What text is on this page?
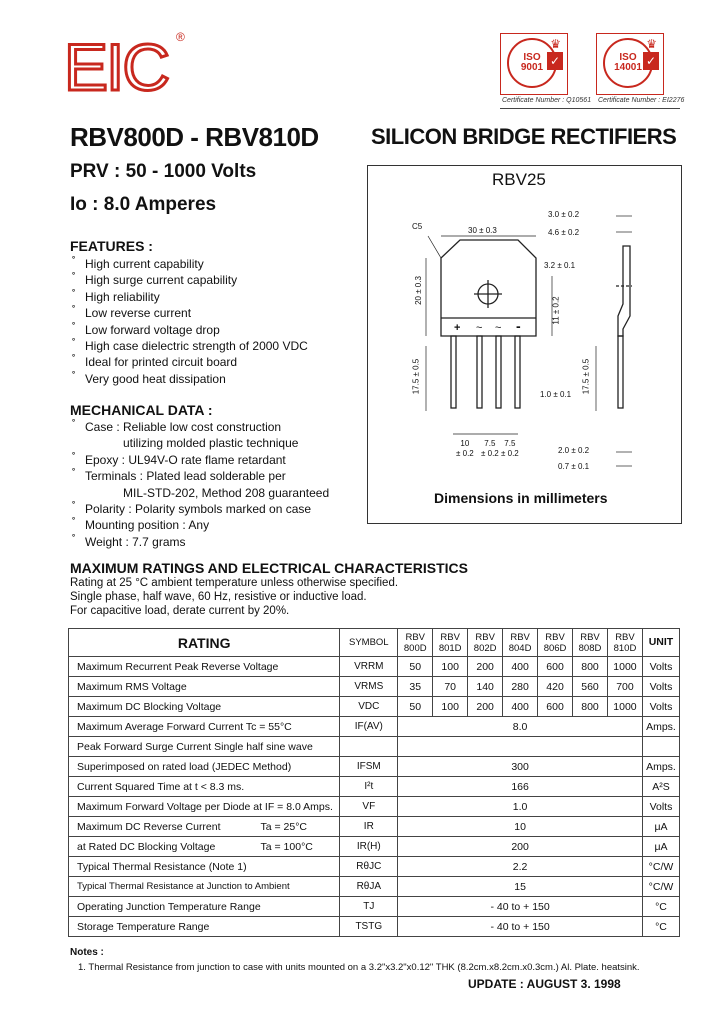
EIC ®
ISO
9001 ✓
♛
ISO
14001 ✓
♛
Certificate Number : Q10561 Certificate Number : EI2276
RBV800D - RBV810D SILICON BRIDGE RECTIFIERS
PRV : 50 - 1000 Volts
Io : 8.0 Amperes
FEATURES :
˚ High current capability
˚ High surge current capability
˚ High reliability
˚ Low reverse current
˚ Low forward voltage drop
˚ High case dielectric strength of 2000 VDC
˚ Ideal for printed circuit board
˚ Very good heat dissipation
MECHANICAL DATA :
˚ Case : Reliable low cost construction
utilizing molded plastic technique
˚ Epoxy : UL94V-O rate flame retardant
˚ Terminals : Plated lead solderable per
MIL-STD-202, Method 208 guaranteed
˚ Polarity : Polarity symbols marked on case
˚ Mounting position : Any
˚ Weight : 7.7 grams
RBV25
+ ~ ~ -
C5	30 ± 0.3
20 ± 0.3
3.2 ± 0.1
11 ± 0.2
17.5 ± 0.5
1.0 ± 0.1
10
± 0.2
7.5
± 0.2
7.5
± 0.2
17.5 ± 0.5
3.0 ± 0.2
4.6 ± 0.2
2.0 ± 0.2
0.7 ± 0.1
Dimensions in millimeters
MAXIMUM RATINGS AND ELECTRICAL CHARACTERISTICS
Rating at 25 °C ambient temperature unless otherwise specified.
Single phase, half wave, 60 Hz, resistive or inductive load.
For capacitive load, derate current by 20%.
RATING	SYMBOL	RBV
800D	RBV
801D	RBV
802D	RBV
804D	RBV
806D	RBV
808D	RBV
810D	UNIT
Maximum Recurrent Peak Reverse Voltage	VRRM	50	100	200	400	600	800	1000	Volts
Maximum RMS Voltage	VRMS	35	70	140	280	420	560	700	Volts
Maximum DC Blocking Voltage	VDC	50	100	200	400	600	800	1000	Volts
Maximum Average Forward Current Tc = 55°C	IF(AV)	8.0							Amps.
Peak Forward Surge Current Single half sine wave									
Superimposed on rated load (JEDEC Method)	IFSM	300							Amps.
Current Squared Time at t < 8.3 ms.	I²t	166							A²S
Maximum Forward Voltage per Diode at IF = 8.0 Amps.	VF	1.0							Volts
Maximum DC Reverse Current Ta = 25°C	IR	10							μA
at Rated DC Blocking Voltage Ta = 100°C	IR(H)	200							μA
Typical Thermal Resistance (Note 1)	RθJC	2.2							°C/W
Typical Thermal Resistance at Junction to Ambient	RθJA	15							°C/W
Operating Junction Temperature Range	TJ	- 40 to + 150							°C
Storage Temperature Range	TSTG	- 40 to + 150							°C
Notes :
1. Thermal Resistance from junction to case with units mounted on a 3.2"x3.2"x0.12" THK (8.2cm.x8.2cm.x0.3cm.) Al. Plate. heatsink.
UPDATE : AUGUST 3. 1998
